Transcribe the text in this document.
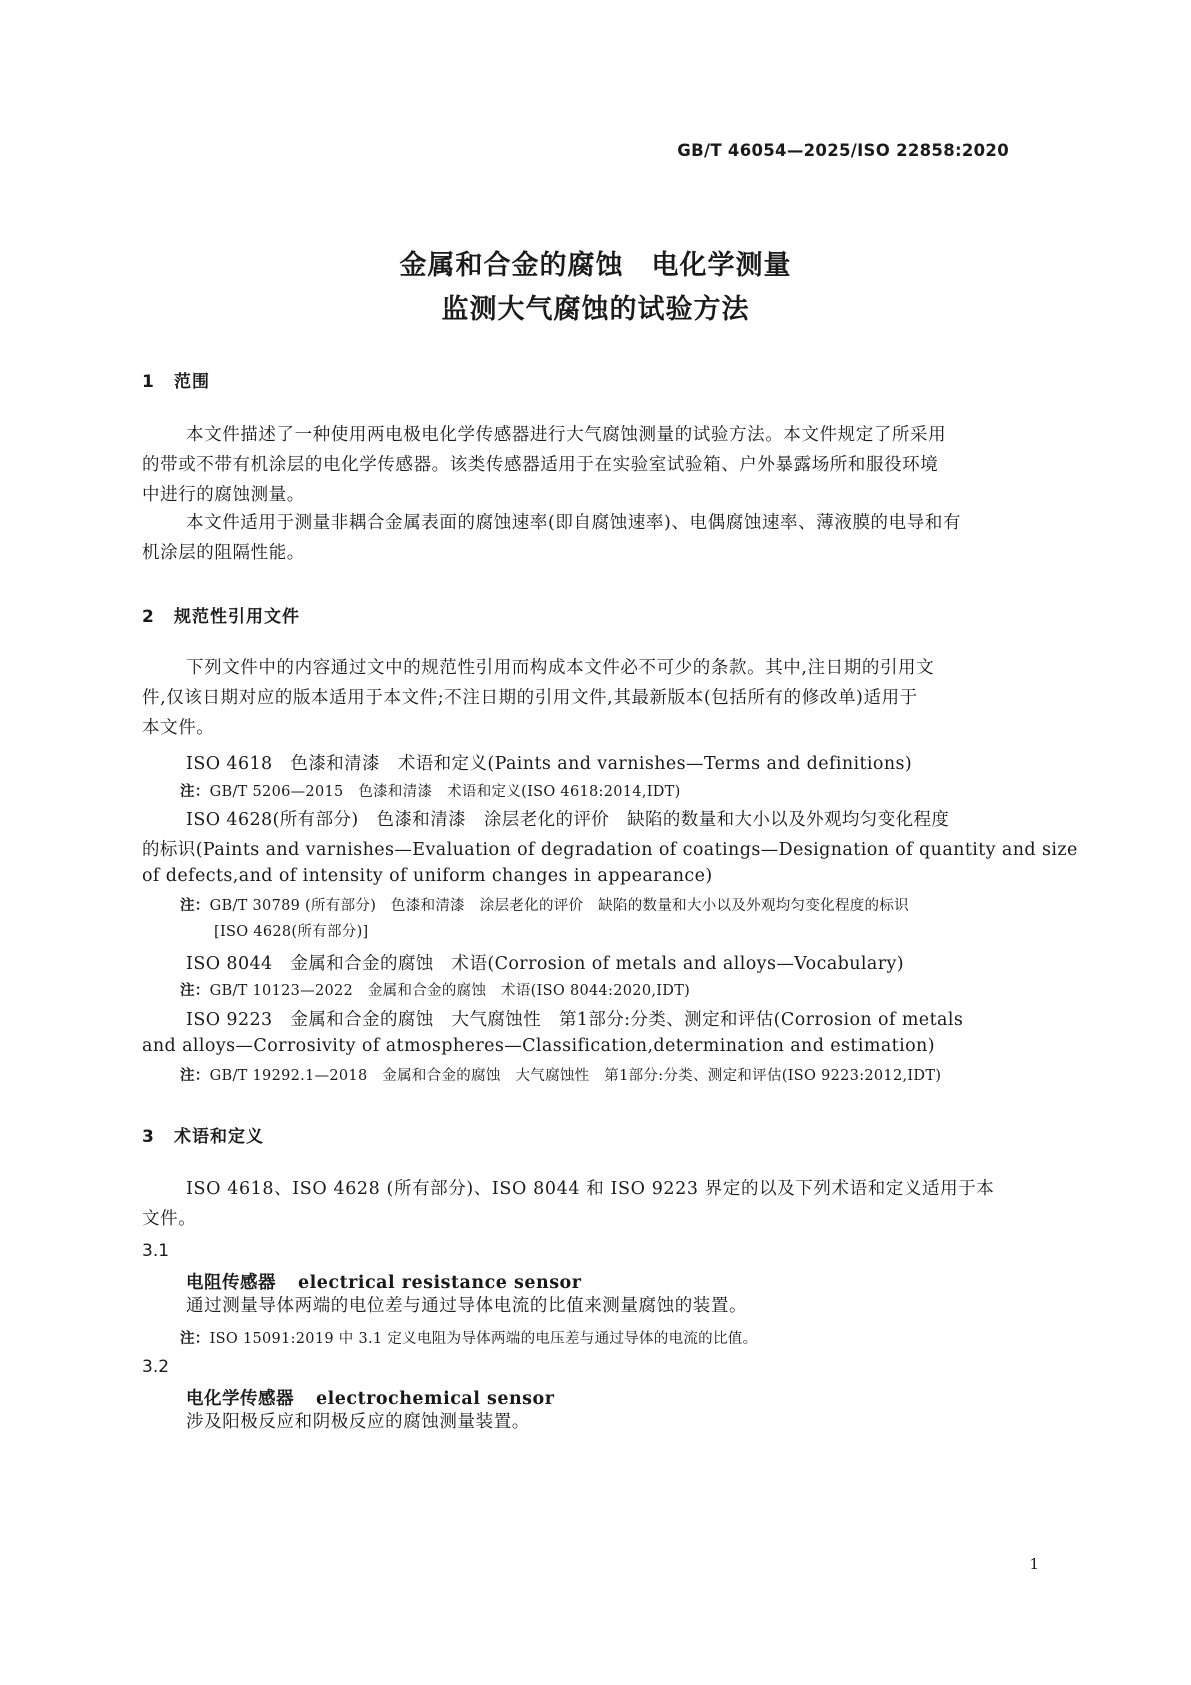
GB/T 46054—2025/ISO 22858:2020
金属和合金的腐蚀　电化学测量
监测大气腐蚀的试验方法
1 范围
本文件描述了一种使用两电极电化学传感器进行大气腐蚀测量的试验方法。本文件规定了所采用
的带或不带有机涂层的电化学传感器。该类传感器适用于在实验室试验箱、户外暴露场所和服役环境
中进行的腐蚀测量。
本文件适用于测量非耦合金属表面的腐蚀速率(即自腐蚀速率)、电偶腐蚀速率、薄液膜的电导和有
机涂层的阻隔性能。
2 规范性引用文件
下列文件中的内容通过文中的规范性引用而构成本文件必不可少的条款。其中,注日期的引用文
件,仅该日期对应的版本适用于本文件;不注日期的引用文件,其最新版本(包括所有的修改单)适用于
本文件。
ISO 4618　色漆和清漆　术语和定义(Paints and varnishes—Terms and definitions)
注：GB/T 5206—2015　色漆和清漆　术语和定义(ISO 4618:2014,IDT)
ISO 4628(所有部分)　色漆和清漆　涂层老化的评价　缺陷的数量和大小以及外观均匀变化程度
的标识(Paints and varnishes—Evaluation of degradation of coatings—Designation of quantity and size
of defects,and of intensity of uniform changes in appearance)
注：GB/T 30789 (所有部分)　色漆和清漆　涂层老化的评价　缺陷的数量和大小以及外观均匀变化程度的标识
[ISO 4628(所有部分)]
ISO 8044　金属和合金的腐蚀　术语(Corrosion of metals and alloys—Vocabulary)
注：GB/T 10123—2022　金属和合金的腐蚀　术语(ISO 8044:2020,IDT)
ISO 9223　金属和合金的腐蚀　大气腐蚀性　第1部分:分类、测定和评估(Corrosion of metals
and alloys—Corrosivity of atmospheres—Classification,determination and estimation)
注：GB/T 19292.1—2018　金属和合金的腐蚀　大气腐蚀性　第1部分:分类、测定和评估(ISO 9223:2012,IDT)
3 术语和定义
ISO 4618、ISO 4628 (所有部分)、ISO 8044 和 ISO 9223 界定的以及下列术语和定义适用于本
文件。
3.1
电阻传感器 electrical resistance sensor
通过测量导体两端的电位差与通过导体电流的比值来测量腐蚀的装置。
注：ISO 15091:2019 中 3.1 定义电阻为导体两端的电压差与通过导体的电流的比值。
3.2
电化学传感器 electrochemical sensor
涉及阳极反应和阴极反应的腐蚀测量装置。
1
